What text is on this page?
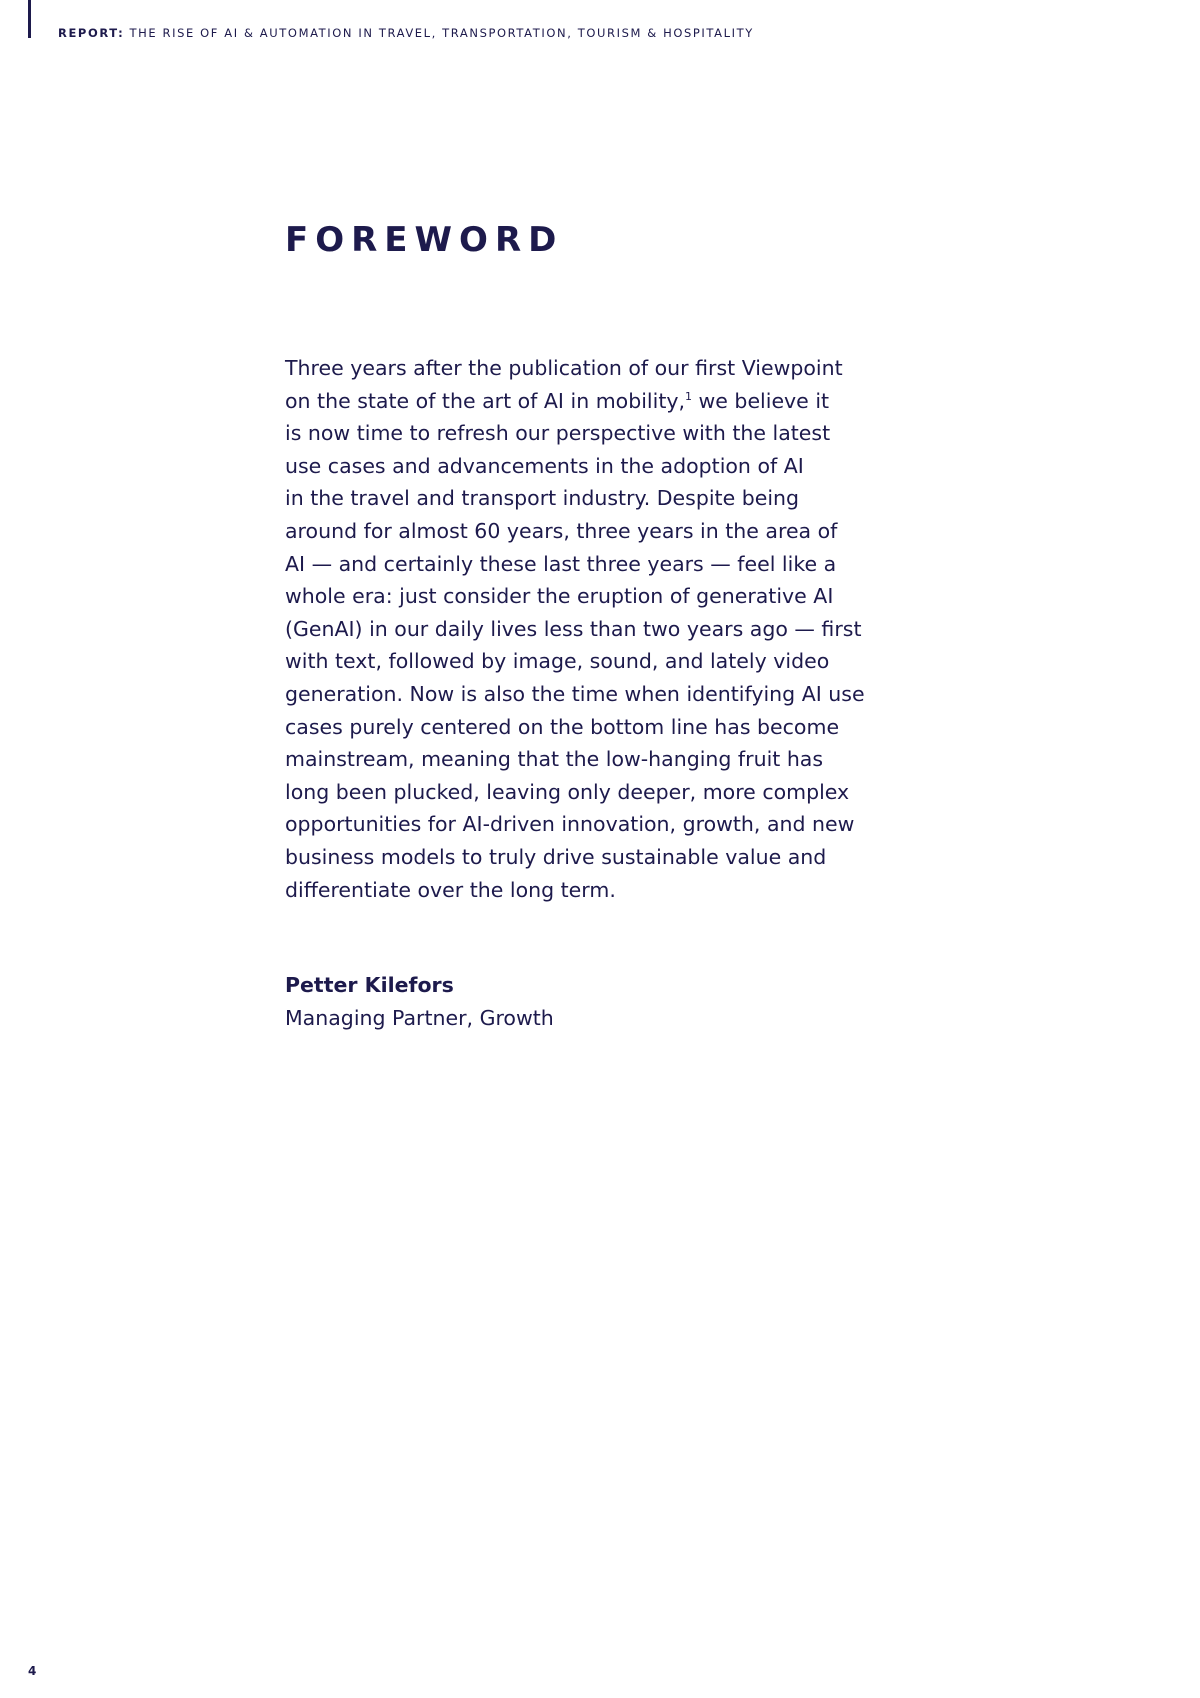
REPORT: THE RISE OF AI & AUTOMATION IN TRAVEL, TRANSPORTATION, TOURISM & HOSPITALITY
FOREWORD

Three years after the publication of our first Viewpoint
on the state of the art of AI in mobility,$^1$ we believe it
is now time to refresh our perspective with the latest
use cases and advancements in the adoption of AI
in the travel and transport industry. Despite being
around for almost 60 years, three years in the area of
AI — and certainly these last three years — feel like a
whole era: just consider the eruption of generative AI
(GenAI) in our daily lives less than two years ago — first
with text, followed by image, sound, and lately video
generation. Now is also the time when identifying AI use
cases purely centered on the bottom line has become
mainstream, meaning that the low-hanging fruit has
long been plucked, leaving only deeper, more complex
opportunities for AI-driven innovation, growth, and new
business models to truly drive sustainable value and
differentiate over the long term.

Petter Kilefors
Managing Partner, Growth
4
